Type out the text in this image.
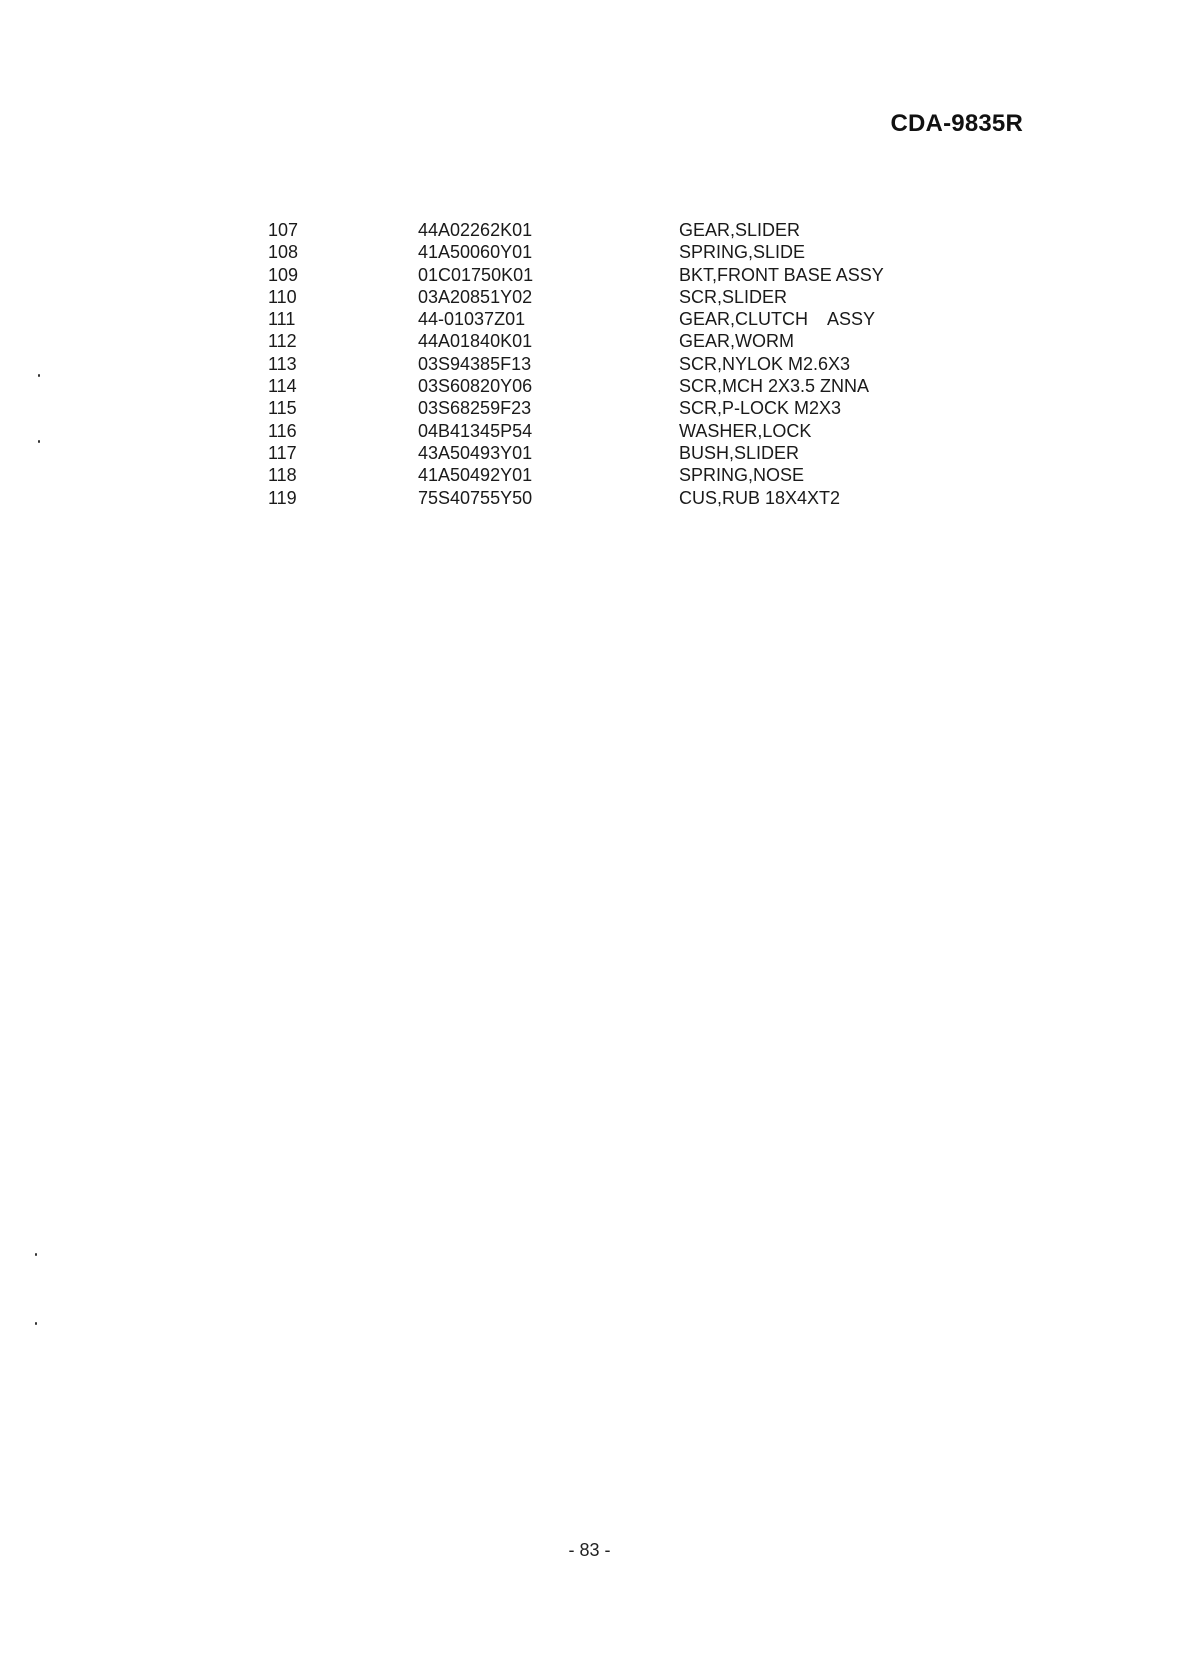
CDA-9835R
107	44A02262K01	GEAR,SLIDER
108	41A50060Y01	SPRING,SLIDE
109	01C01750K01	BKT,FRONT BASE ASSY
110	03A20851Y02	SCR,SLIDER
111	44-01037Z01	GEAR,CLUTCH    ASSY
112	44A01840K01	GEAR,WORM
113	03S94385F13	SCR,NYLOK M2.6X3
114	03S60820Y06	SCR,MCH 2X3.5 ZNNA
115	03S68259F23	SCR,P-LOCK M2X3
116	04B41345P54	WASHER,LOCK
117	43A50493Y01	BUSH,SLIDER
118	41A50492Y01	SPRING,NOSE
119	75S40755Y50	CUS,RUB 18X4XT2
- 83 -
